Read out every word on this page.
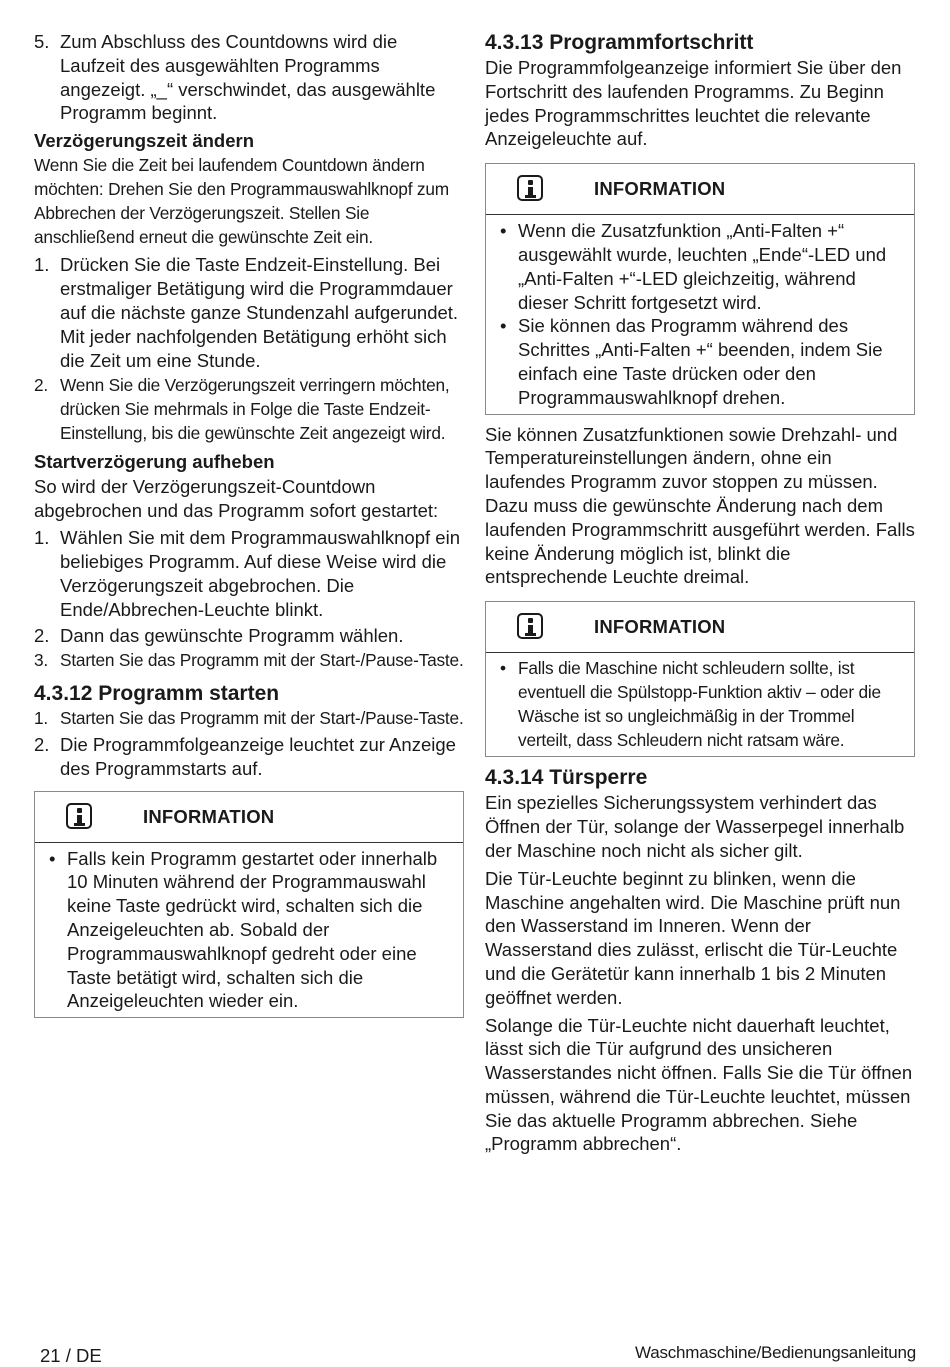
5. Zum Abschluss des Countdowns wird die Laufzeit des ausgewählten Programms angezeigt. „_“ verschwindet, das ausgewählte Programm beginnt.
Verzögerungszeit ändern

Wenn Sie die Zeit bei laufendem Countdown ändern möchten: Drehen Sie den Programmauswahlknopf zum Abbrechen der Verzögerungszeit. Stellen Sie anschließend erneut die gewünschte Zeit ein.

1. Drücken Sie die Taste Endzeit-Einstellung. Bei erstmaliger Betätigung wird die Programmdauer auf die nächste ganze Stundenzahl aufgerundet. Mit jeder nachfolgenden Betätigung erhöht sich die Zeit um eine Stunde.
2. Wenn Sie die Verzögerungszeit verringern möchten, drücken Sie mehrmals in Folge die Taste Endzeit-Einstellung, bis die gewünschte Zeit angezeigt wird.
Startverzögerung aufheben

So wird der Verzögerungszeit-Countdown abgebrochen und das Programm sofort gestartet:

1. Wählen Sie mit dem Programmauswahlknopf ein beliebiges Programm. Auf diese Weise wird die Verzögerungszeit abgebrochen. Die Ende/Abbrechen-Leuchte blinkt.
2. Dann das gewünschte Programm wählen.
3. Starten Sie das Programm mit der Start-/Pause-Taste.
4.3.12 Programm starten
1. Starten Sie das Programm mit der Start-/Pause-Taste.
2. Die Programmfolgeanzeige leuchtet zur Anzeige des Programmstarts auf.
INFORMATION
• Falls kein Programm gestartet oder innerhalb 10 Minuten während der Programmauswahl keine Taste gedrückt wird, schalten sich die Anzeigeleuchten ab. Sobald der Programmauswahlknopf gedreht oder eine Taste betätigt wird, schalten sich die Anzeigeleuchten wieder ein.
4.3.13 Programmfortschritt

Die Programmfolgeanzeige informiert Sie über den Fortschritt des laufenden Programms. Zu Beginn jedes Programmschrittes leuchtet die relevante Anzeigeleuchte auf.

INFORMATION
• Wenn die Zusatzfunktion „Anti-Falten +“ ausgewählt wurde, leuchten „Ende“-LED und „Anti-Falten +“-LED gleichzeitig, während dieser Schritt fortgesetzt wird.
• Sie können das Programm während des Schrittes „Anti-Falten +“ beenden, indem Sie einfach eine Taste drücken oder den Programmauswahlknopf drehen.

Sie können Zusatzfunktionen sowie Drehzahl- und Temperatureinstellungen ändern, ohne ein laufendes Programm zuvor stoppen zu müssen. Dazu muss die gewünschte Änderung nach dem laufenden Programmschritt ausgeführt werden. Falls keine Änderung möglich ist, blinkt die entsprechende Leuchte dreimal.

INFORMATION
• Falls die Maschine nicht schleudern sollte, ist eventuell die Spülstopp-Funktion aktiv – oder die Wäsche ist so ungleichmäßig in der Trommel verteilt, dass Schleudern nicht ratsam wäre.
4.3.14 Türsperre

Ein spezielles Sicherungssystem verhindert das Öffnen der Tür, solange der Wasserpegel innerhalb der Maschine noch nicht als sicher gilt.

Die Tür-Leuchte beginnt zu blinken, wenn die Maschine angehalten wird. Die Maschine prüft nun den Wasserstand im Inneren. Wenn der Wasserstand dies zulässt, erlischt die Tür-Leuchte und die Gerätetür kann innerhalb 1 bis 2 Minuten geöffnet werden.

Solange die Tür-Leuchte nicht dauerhaft leuchtet, lässt sich die Tür aufgrund des unsicheren Wasserstandes nicht öffnen. Falls Sie die Tür öffnen müssen, während die Tür-Leuchte leuchtet, müssen Sie das aktuelle Programm abbrechen. Siehe „Programm abbrechen“.

21 / DE	Waschmaschine/Bedienungsanleitung
